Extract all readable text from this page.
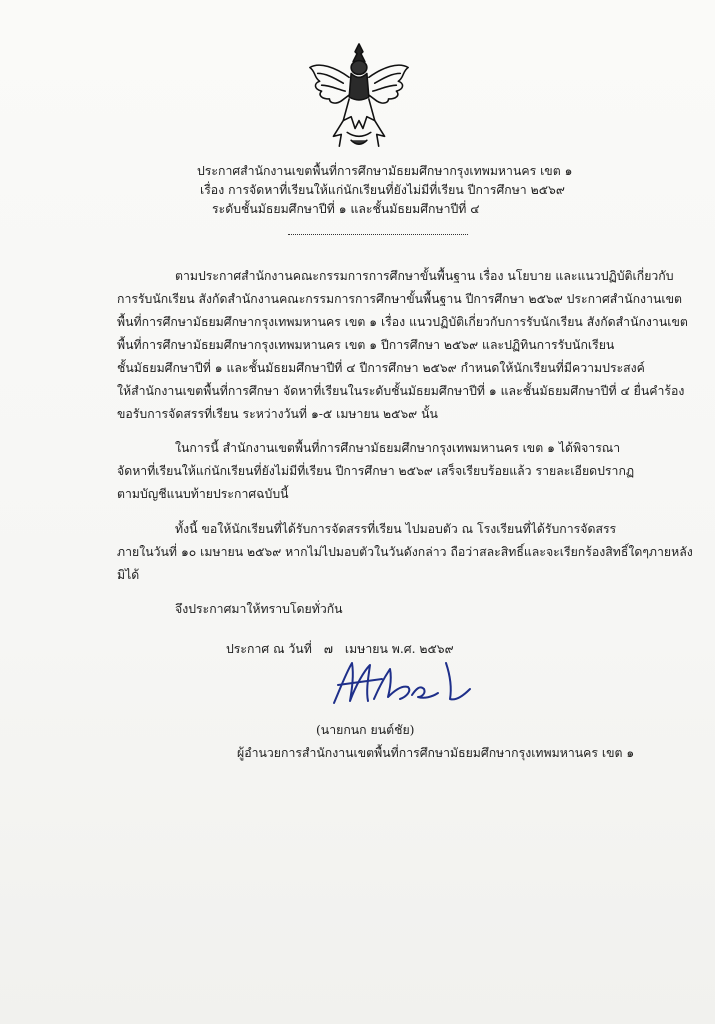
ประกาศสำนักงานเขตพื้นที่การศึกษามัธยมศึกษากรุงเทพมหานคร เขต ๑
เรื่อง การจัดหาที่เรียนให้แก่นักเรียนที่ยังไม่มีที่เรียน ปีการศึกษา ๒๕๖๙
ระดับชั้นมัธยมศึกษาปีที่ ๑ และชั้นมัธยมศึกษาปีที่ ๔
ตามประกาศสำนักงานคณะกรรมการการศึกษาขั้นพื้นฐาน เรื่อง นโยบาย และแนวปฏิบัติเกี่ยวกับ
การรับนักเรียน สังกัดสำนักงานคณะกรรมการการศึกษาขั้นพื้นฐาน ปีการศึกษา ๒๕๖๙ ประกาศสำนักงานเขต
พื้นที่การศึกษามัธยมศึกษากรุงเทพมหานคร เขต ๑ เรื่อง แนวปฏิบัติเกี่ยวกับการรับนักเรียน สังกัดสำนักงานเขต
พื้นที่การศึกษามัธยมศึกษากรุงเทพมหานคร เขต ๑ ปีการศึกษา ๒๕๖๙ และปฏิทินการรับนักเรียน
ชั้นมัธยมศึกษาปีที่ ๑ และชั้นมัธยมศึกษาปีที่ ๔ ปีการศึกษา ๒๕๖๙ กำหนดให้นักเรียนที่มีความประสงค์
ให้สำนักงานเขตพื้นที่การศึกษา จัดหาที่เรียนในระดับชั้นมัธยมศึกษาปีที่ ๑ และชั้นมัธยมศึกษาปีที่ ๔ ยื่นคำร้อง
ขอรับการจัดสรรที่เรียน ระหว่างวันที่ ๑-๕ เมษายน ๒๕๖๙ นั้น
ในการนี้ สำนักงานเขตพื้นที่การศึกษามัธยมศึกษากรุงเทพมหานคร เขต ๑ ได้พิจารณา
จัดหาที่เรียนให้แก่นักเรียนที่ยังไม่มีที่เรียน ปีการศึกษา ๒๕๖๙ เสร็จเรียบร้อยแล้ว รายละเอียดปรากฏ
ตามบัญชีแนบท้ายประกาศฉบับนี้
ทั้งนี้ ขอให้นักเรียนที่ได้รับการจัดสรรที่เรียน ไปมอบตัว ณ โรงเรียนที่ได้รับการจัดสรร
ภายในวันที่ ๑๐ เมษายน ๒๕๖๙ หากไม่ไปมอบตัวในวันดังกล่าว ถือว่าสละสิทธิ์และจะเรียกร้องสิทธิ์ใดๆภายหลัง
มิได้
จึงประกาศมาให้ทราบโดยทั่วกัน
ประกาศ ณ วันที่ ๗ เมษายน พ.ศ. ๒๕๖๙
(นายกนก ยนต์ชัย)
ผู้อำนวยการสำนักงานเขตพื้นที่การศึกษามัธยมศึกษากรุงเทพมหานคร เขต ๑
